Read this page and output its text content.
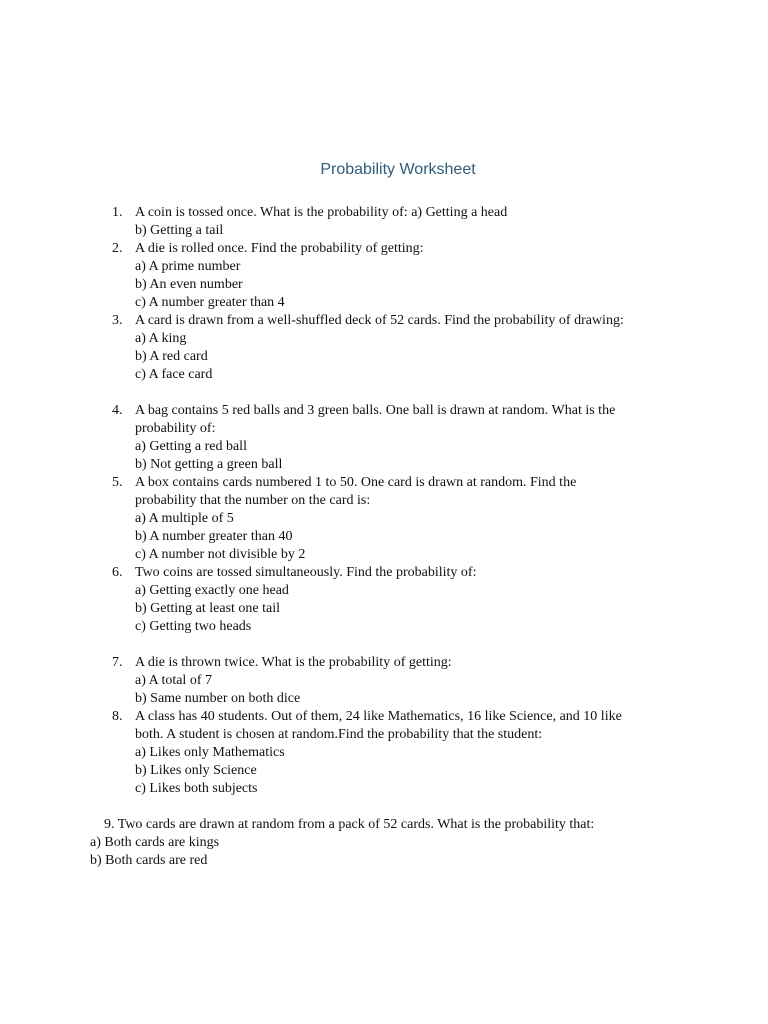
Probability Worksheet
1. A coin is tossed once. What is the probability of: a) Getting a head
b) Getting a tail
2. A die is rolled once. Find the probability of getting:
a) A prime number
b) An even number
c) A number greater than 4
3. A card is drawn from a well-shuffled deck of 52 cards. Find the probability of drawing:
a) A king
b) A red card
c) A face card
4. A bag contains 5 red balls and 3 green balls. One ball is drawn at random. What is the
probability of:
a) Getting a red ball
b) Not getting a green ball
5. A box contains cards numbered 1 to 50. One card is drawn at random. Find the
probability that the number on the card is:
a) A multiple of 5
b) A number greater than 40
c) A number not divisible by 2
6. Two coins are tossed simultaneously. Find the probability of:
a) Getting exactly one head
b) Getting at least one tail
c) Getting two heads
7. A die is thrown twice. What is the probability of getting:
a) A total of 7
b) Same number on both dice
8. A class has 40 students. Out of them, 24 like Mathematics, 16 like Science, and 10 like
both. A student is chosen at random.Find the probability that the student:
a) Likes only Mathematics
b) Likes only Science
c) Likes both subjects
9. Two cards are drawn at random from a pack of 52 cards. What is the probability that:
a) Both cards are kings
b) Both cards are red
